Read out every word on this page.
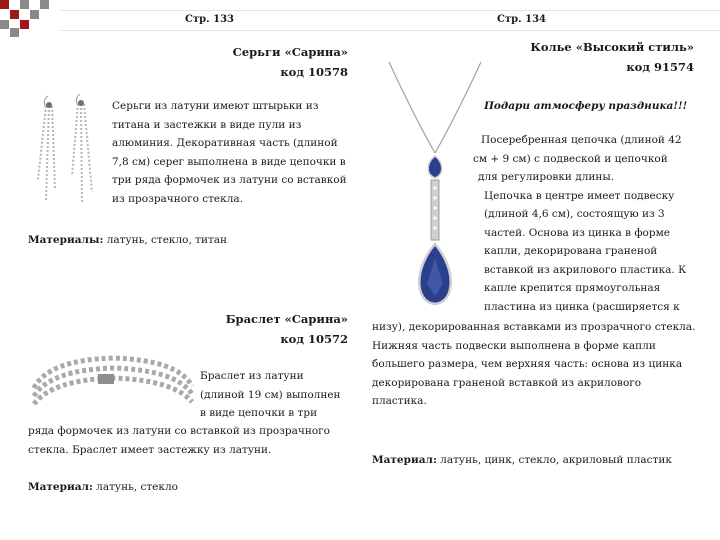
Стр. 133	Стр. 134
Серьги «Сарина»
код 10578
Серьги из латуни имеют штырьки из
титана и застежки в виде пули из
алюминия. Декоративная часть (длиной
7,8 см) серег выполнена в виде цепочки в
три ряда формочек из латуни со вставкой
из прозрачного стекла.
Материалы: латунь, стекло, титан
Браслет «Сарина»
код 10572
Браслет из латуни
(длиной 19 см) выполнен
в виде цепочки в три
ряда формочек из латуни со вставкой из прозрачного
стекла. Браслет имеет застежку из латуни.
Материал: латунь, стекло
Колье «Высокий стиль»
код 91574
Подари атмосферу праздника!!!
Посеребренная цепочка (длиной 42
см + 9 см) с подвеской и цепочкой
для регулировки длины.
Цепочка в центре имеет подвеску
(длиной 4,6 см), состоящую из 3
частей. Основа из цинка в форме
капли, декорирована граненой
вставкой из акрилового пластика. К
капле крепится прямоугольная
пластина из цинка (расширяется к
низу), декорированная вставками из прозрачного стекла.
Нижняя часть подвески выполнена в форме капли
большего размера, чем верхняя часть: основа из цинка
декорирована граненой вставкой из акрилового
пластика.
Материал: латунь, цинк, стекло, акриловый пластик
